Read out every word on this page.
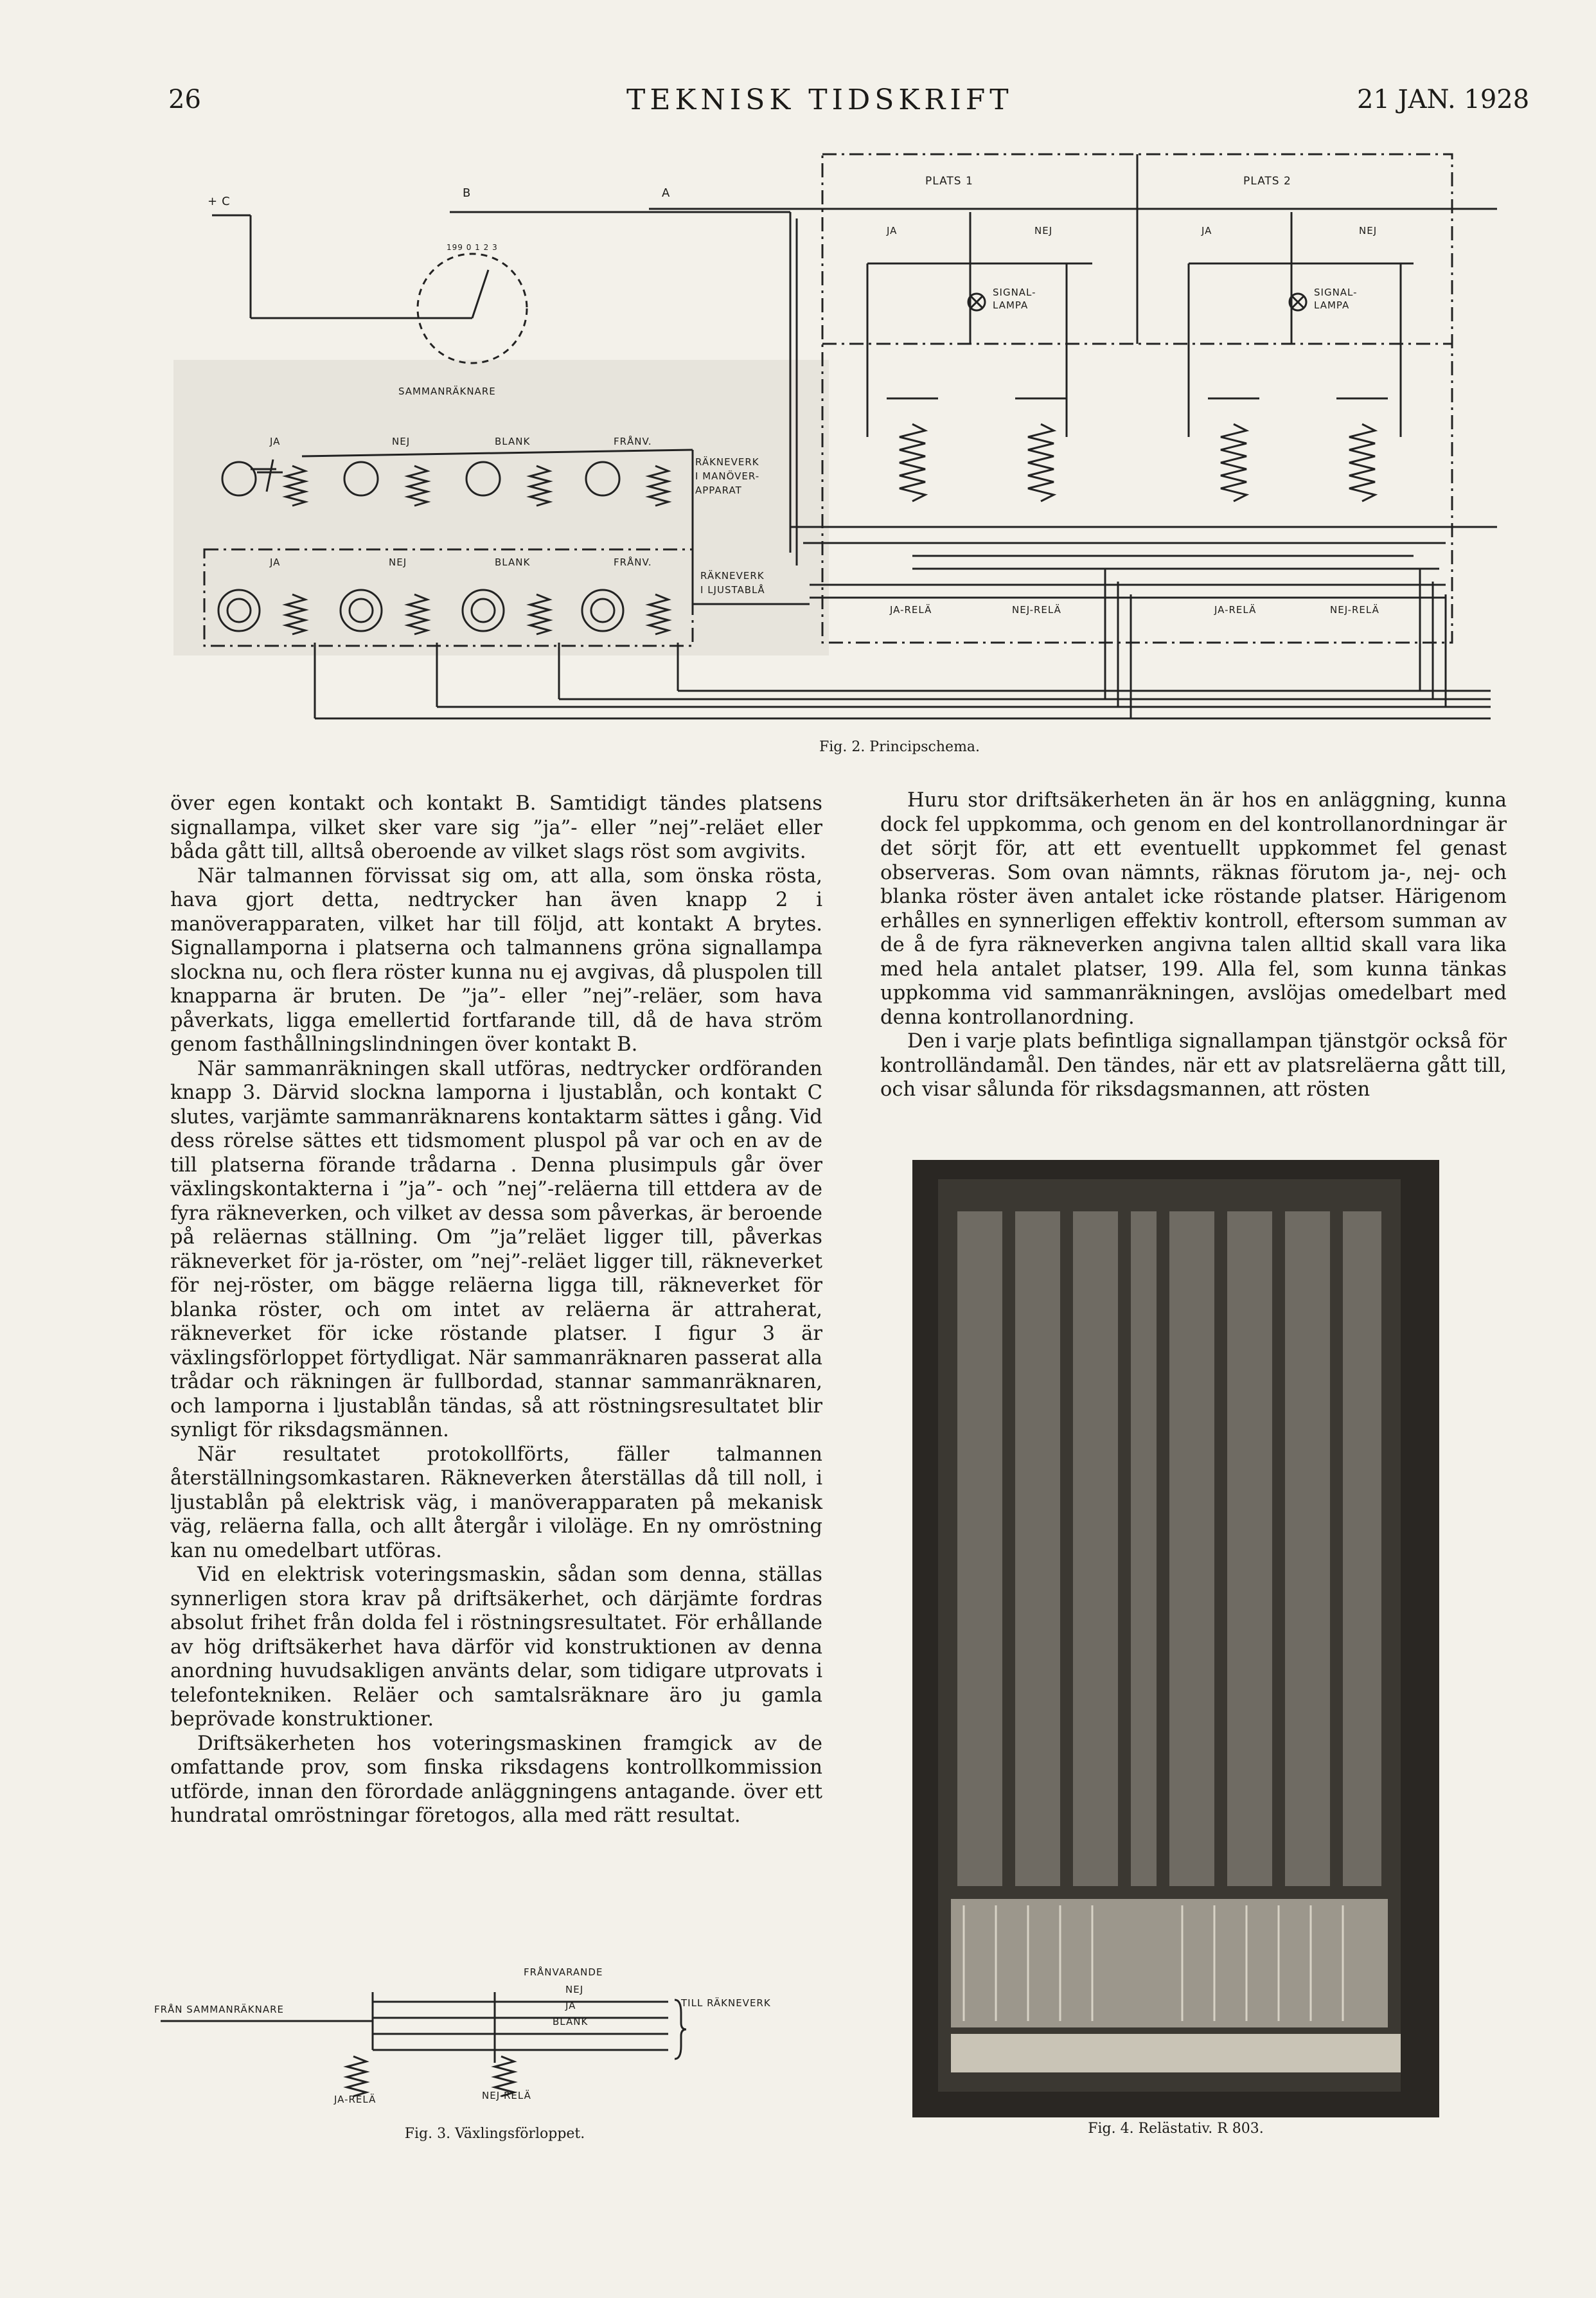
26	TEKNISK TIDSKRIFT	21 JAN. 1928
+ C
B	A
199 0 1 2 3
SAMMANRÄKNARE
PLATS 1	PLATS 2
JA	NEJ	JA	NEJ
SIGNAL-
LAMPA
SIGNAL-
LAMPA
JA	NEJ	BLANK	FRÅNV.
RÄKNEVERK
I MANÖVER-
APPARAT
JA	NEJ	BLANK	FRÅNV.
RÄKNEVERK
I LJUSTABLÅ
JA-RELÄ	NEJ-RELÄ	JA-RELÄ	NEJ-RELÄ
Fig. 2. Principschema.

över egen kontakt och kontakt B. Samtidigt tändes platsens signallampa, vilket sker vare sig ”ja”- eller ”nej”-reläet eller båda gått till, alltså oberoende av vilket slags röst som avgivits.

När talmannen förvissat sig om, att alla, som önska rösta, hava gjort detta, nedtrycker han även knapp 2 i manöverapparaten, vilket har till följd, att kontakt A brytes. Signallamporna i platserna och talmannens gröna signallampa slockna nu, och flera röster kunna nu ej avgivas, då pluspolen till knapparna är bruten. De ”ja”- eller ”nej”-reläer, som hava påverkats, ligga emellertid fortfarande till, då de hava ström genom fasthållningslindningen över kontakt B.

När sammanräkningen skall utföras, nedtrycker ordföranden knapp 3. Därvid slockna lamporna i ljustablån, och kontakt C slutes, varjämte sammanräknarens kontaktarm sättes i gång. Vid dess rörelse sättes ett tidsmoment pluspol på var och en av de till platserna förande trådarna . Denna plusimpuls går över växlingskontakterna i ”ja”- och ”nej”-reläerna till ettdera av de fyra räkneverken, och vilket av dessa som påverkas, är beroende på reläernas ställning. Om ”ja”reläet ligger till, påverkas räkneverket för ja-röster, om ”nej”-reläet ligger till, räkneverket för nej-röster, om bägge reläerna ligga till, räkneverket för blanka röster, och om intet av reläerna är attraherat, räkneverket för icke röstande platser. I figur 3 är växlingsförloppet förtydligat. När sammanräknaren passerat alla trådar och räkningen är fullbordad, stannar sammanräknaren, och lamporna i ljustablån tändas, så att röstningsresultatet blir synligt för riksdagsmännen.

När resultatet protokollförts, fäller talmannen återställningsomkastaren. Räkneverken återställas då till noll, i ljustablån på elektrisk väg, i manöverapparaten på mekanisk väg, reläerna falla, och allt återgår i viloläge. En ny omröstning kan nu omedelbart utföras.

Vid en elektrisk voteringsmaskin, sådan som denna, ställas synnerligen stora krav på driftsäkerhet, och därjämte fordras absolut frihet från dolda fel i röstningsresultatet. För erhållande av hög driftsäkerhet hava därför vid konstruktionen av denna anordning huvudsakligen använts delar, som tidigare utprovats i telefontekniken. Reläer och samtalsräknare äro ju gamla beprövade konstruktioner.

Driftsäkerheten hos voteringsmaskinen framgick av de omfattande prov, som finska riksdagens kontrollkommission utförde, innan den förordade anläggningens antagande. över ett hundratal omröstningar företogos, alla med rätt resultat.

Huru stor driftsäkerheten än är hos en anläggning, kunna dock fel uppkomma, och genom en del kontrollanordningar är det sörjt för, att ett eventuellt uppkommet fel genast observeras. Som ovan nämnts, räknas förutom ja-, nej- och blanka röster även antalet icke röstande platser. Härigenom erhålles en synnerligen effektiv kontroll, eftersom summan av de å de fyra räkneverken angivna talen alltid skall vara lika med hela antalet platser, 199. Alla fel, som kunna tänkas uppkomma vid sammanräkningen, avslöjas omedelbart med denna kontrollanordning.

Den i varje plats befintliga signallampan tjänstgör också för kontrolländamål. Den tändes, när ett av platsreläerna gått till, och visar sålunda för riksdagsmannen, att rösten

Fig. 4. Relästativ. R 803.
FRÅNVARANDE
NEJ
JA
BLANK
FRÅN SAMMANRÄKNARE
TILL RÄKNEVERK
JA-RELÄ	NEJ-RELÄ
Fig. 3. Växlingsförloppet.
